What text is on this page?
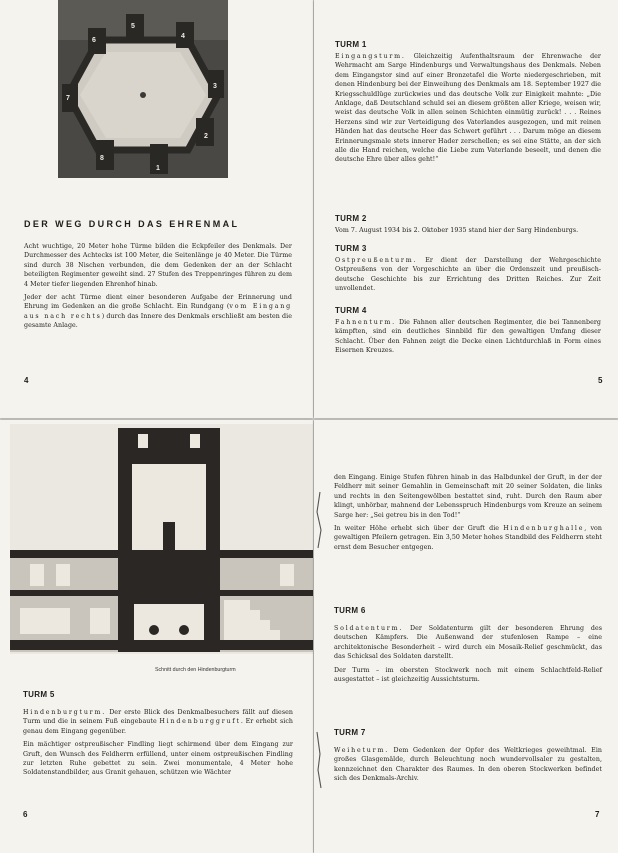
1
2
3
4
5
6
7
8
DER WEG DURCH DAS EHRENMAL

Acht wuchtige, 20 Meter hohe Türme bilden die Eckpfeiler des Denkmals. Der Durchmesser des Achtecks ist 100 Meter, die Seitenlänge je 40 Meter. Die Türme sind durch 38 Nischen verbunden, die dem Gedenken der an der Schlacht beteiligten Regimenter geweiht sind. 27 Stufen des Treppenringes führen zu dem 4 Meter tiefer liegenden Ehrenhof hinab.

Jeder der acht Türme dient einer besonderen Aufgabe der Erinnerung und Ehrung im Gedenken an die große Schlacht. Ein Rundgang (vom Eingang aus nach rechts) durch das Innere des Denkmals erschließt am besten die gesamte Anlage.

4
TURM 1

Eingangsturm. Gleichzeitig Aufenthaltsraum der Ehrenwache der Wehrmacht am Sarge Hindenburgs und Verwaltungshaus des Denkmals. Neben dem Eingangstor sind auf einer Bronzetafel die Worte niedergeschrieben, mit denen Hindenburg bei der Einweihung des Denkmals am 18. September 1927 die Kriegsschuldlüge zurückwies und das deutsche Volk zur Einigkeit mahnte: „Die Anklage, daß Deutschland schuld sei an diesem größten aller Kriege, weisen wir, weist das deutsche Volk in allen seinen Schichten einmütig zurück! . . . Reines Herzens sind wir zur Verteidigung des Vaterlandes ausgezogen, und mit reinen Händen hat das deutsche Heer das Schwert geführt . . . Darum möge an diesem Erinnerungsmale stets innerer Hader zerschellen; es sei eine Stätte, an der sich alle die Hand reichen, welche die Liebe zum Vaterlande beseelt, und denen die deutsche Ehre über alles geht!“

TURM 2

Vom 7. August 1934 bis 2. Oktober 1935 stand hier der Sarg Hindenburgs.

TURM 3

Ostpreußenturm. Er dient der Darstellung der Wehrgeschichte Ostpreußens von der Vorgeschichte an über die Ordenszeit und preußisch-deutsche Geschichte bis zur Errichtung des Dritten Reiches. Zur Zeit unvollendet.

TURM 4

Fahnenturm. Die Fahnen aller deutschen Regimenter, die bei Tannenberg kämpften, sind ein deutliches Sinnbild für den gewaltigen Umfang dieser Schlacht. Über den Fahnen zeigt die Decke einen Lichtdurchlaß in Form eines Eisernen Kreuzes.

5
Schnitt durch den Hindenburgturm
TURM 5

Hindenburgturm. Der erste Blick des Denkmalbesuchers fällt auf diesen Turm und die in seinem Fuß eingebaute Hindenburggruft. Er erhebt sich genau dem Eingang gegenüber.

Ein mächtiger ostpreußischer Findling liegt schirmend über dem Eingang zur Gruft, den Wunsch des Feldherrn erfüllend, unter einem ostpreußischen Findling zur letzten Ruhe gebettet zu sein. Zwei monumentale, 4 Meter hohe Soldatenstandbilder, aus Granit gehauen, schützen wie Wächter

6

den Eingang. Einige Stufen führen hinab in das Halbdunkel der Gruft, in der der Feldherr mit seiner Gemahlin in Gemeinschaft mit 20 seiner Soldaten, die links und rechts in den Seitengewölben bestattet sind, ruht. Durch den Raum aber klingt, unhörbar, mahnend der Lebensspruch Hindenburgs vom Kreuze an seinem Sarge her: „Sei getreu bis in den Tod!“

In weiter Höhe erhebt sich über der Gruft die Hindenburghalle, von gewaltigen Pfeilern getragen. Ein 3,50 Meter hohes Standbild des Feldherrn steht ernst dem Besucher entgegen.

TURM 6

Soldatenturm. Der Soldatenturm gilt der besonderen Ehrung des deutschen Kämpfers. Die Außenwand der stufenlosen Rampe – eine architektonische Besonderheit – wird durch ein Mosaik-Relief geschmückt, das das Schicksal des Soldaten darstellt.

Der Turm – im obersten Stockwerk noch mit einem Schlachtfeld-Relief ausgestattet – ist gleichzeitig Aussichtsturm.

TURM 7

Weiheturm. Dem Gedenken der Opfer des Weltkrieges geweihtmal. Ein großes Glasgemälde, durch Beleuchtung noch wundervollsaler zu gestalten, kennzeichnet den Charakter des Raumes. In den oberen Stockwerken befindet sich des Denkmals-Archiv.

7
